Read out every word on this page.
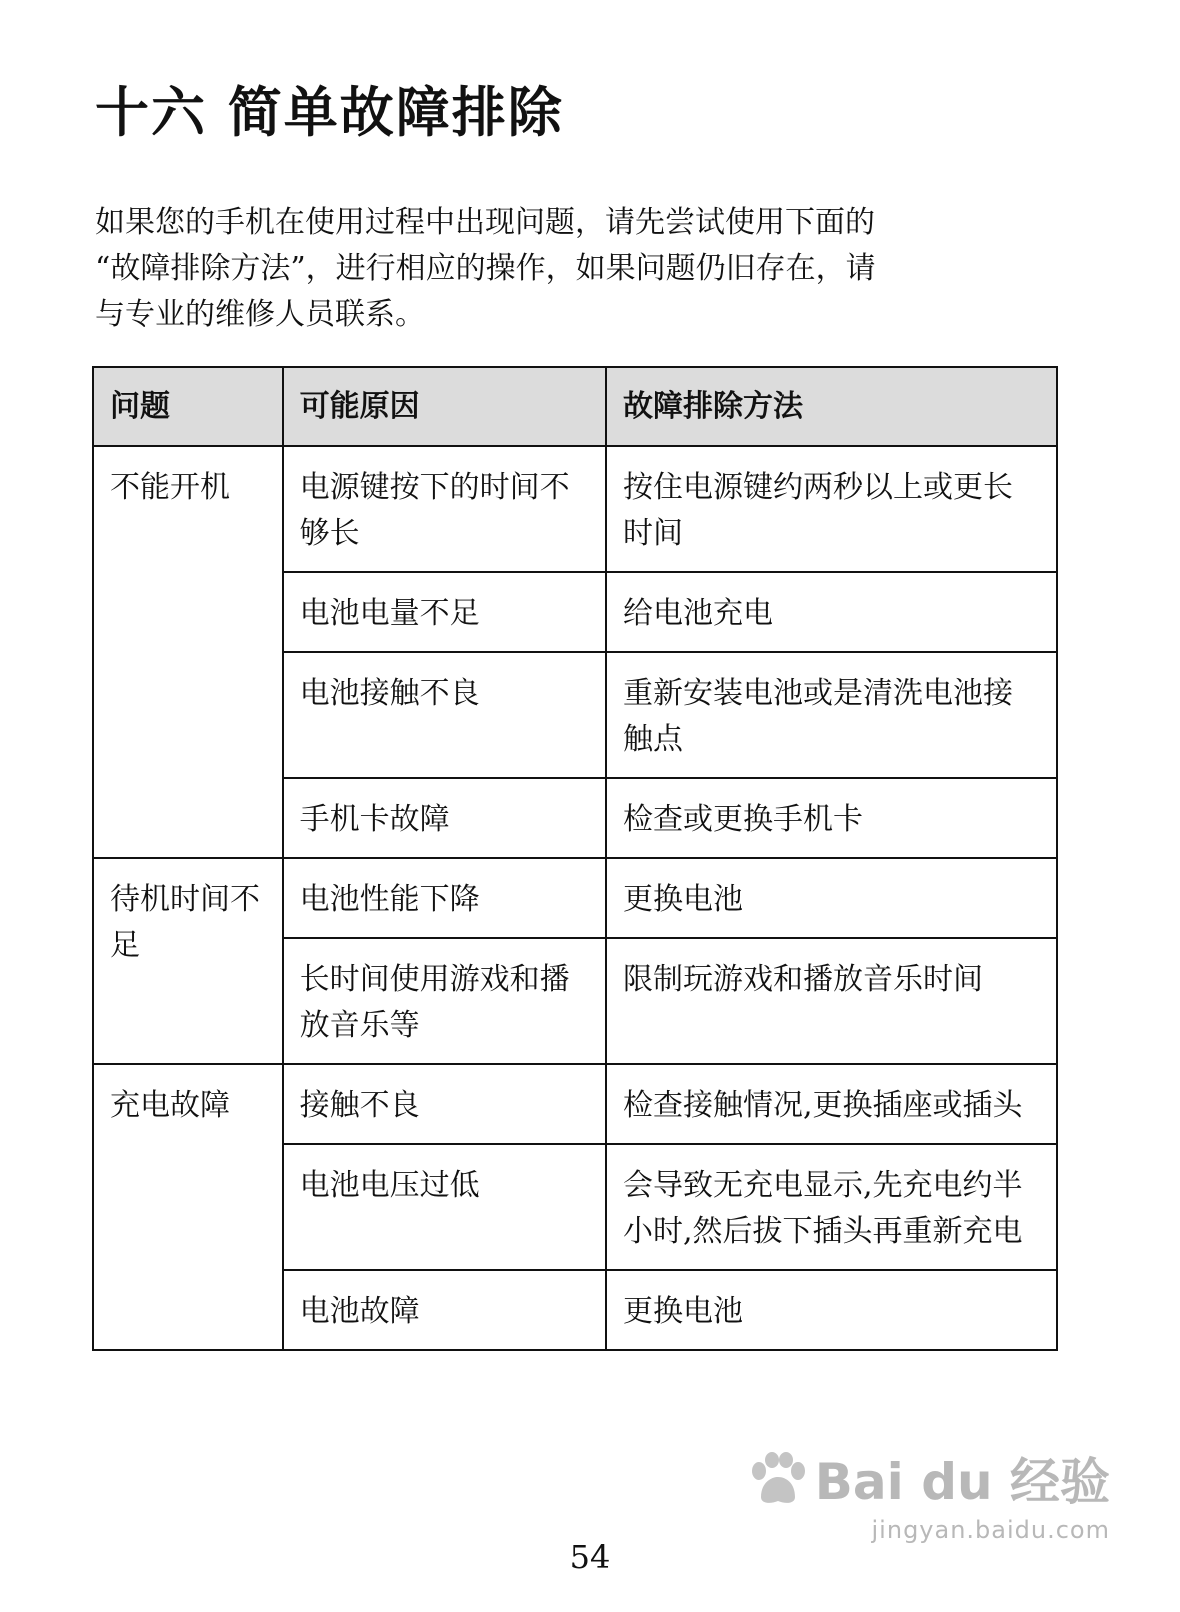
十六 简单故障排除

如果您的手机在使用过程中出现问题，请先尝试使用下面的

“故障排除方法”，进行相应的操作，如果问题仍旧存在，请

与专业的维修人员联系。

问题	可能原因	故障排除方法
不能开机	电源键按下的时间不够长	按住电源键约两秒以上或更长时间
	电池电量不足	给电池充电
	电池接触不良	重新安装电池或是清洗电池接触点
	手机卡故障	检查或更换手机卡
待机时间不足	电池性能下降	更换电池
	长时间使用游戏和播放音乐等	限制玩游戏和播放音乐时间
充电故障	接触不良	检查接触情况,更换插座或插头
	电池电压过低	会导致无充电显示,先充电约半小时,然后拔下插头再重新充电
	电池故障	更换电池
54
Bai du 经验
jingyan.baidu.com
